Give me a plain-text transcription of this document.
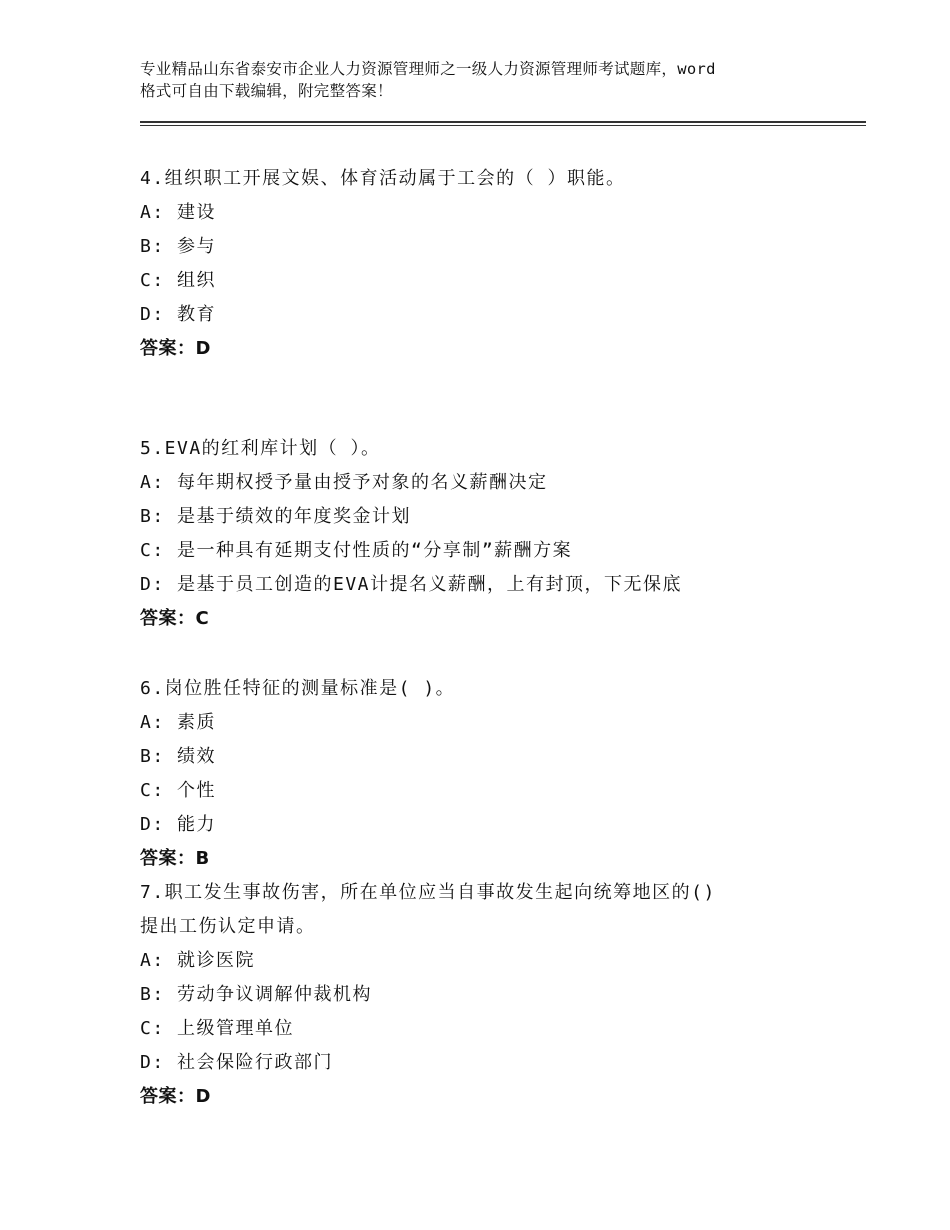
专业精品山东省泰安市企业人力资源管理师之一级人力资源管理师考试题库，word
格式可自由下载编辑，附完整答案！
4.组织职工开展文娱、体育活动属于工会的（ ）职能。
A: 建设
B: 参与
C: 组织
D: 教育
答案：D
5.EVA的红利库计划（ ）。
A: 每年期权授予量由授予对象的名义薪酬决定
B: 是基于绩效的年度奖金计划
C: 是一种具有延期支付性质的“分享制”薪酬方案
D: 是基于员工创造的EVA计提名义薪酬，上有封顶，下无保底
答案：C
6.岗位胜任特征的测量标准是( )。
A: 素质
B: 绩效
C: 个性
D: 能力
答案：B
7.职工发生事故伤害，所在单位应当自事故发生起向统筹地区的()
提出工伤认定申请。
A: 就诊医院
B: 劳动争议调解仲裁机构
C: 上级管理单位
D: 社会保险行政部门
答案：D
